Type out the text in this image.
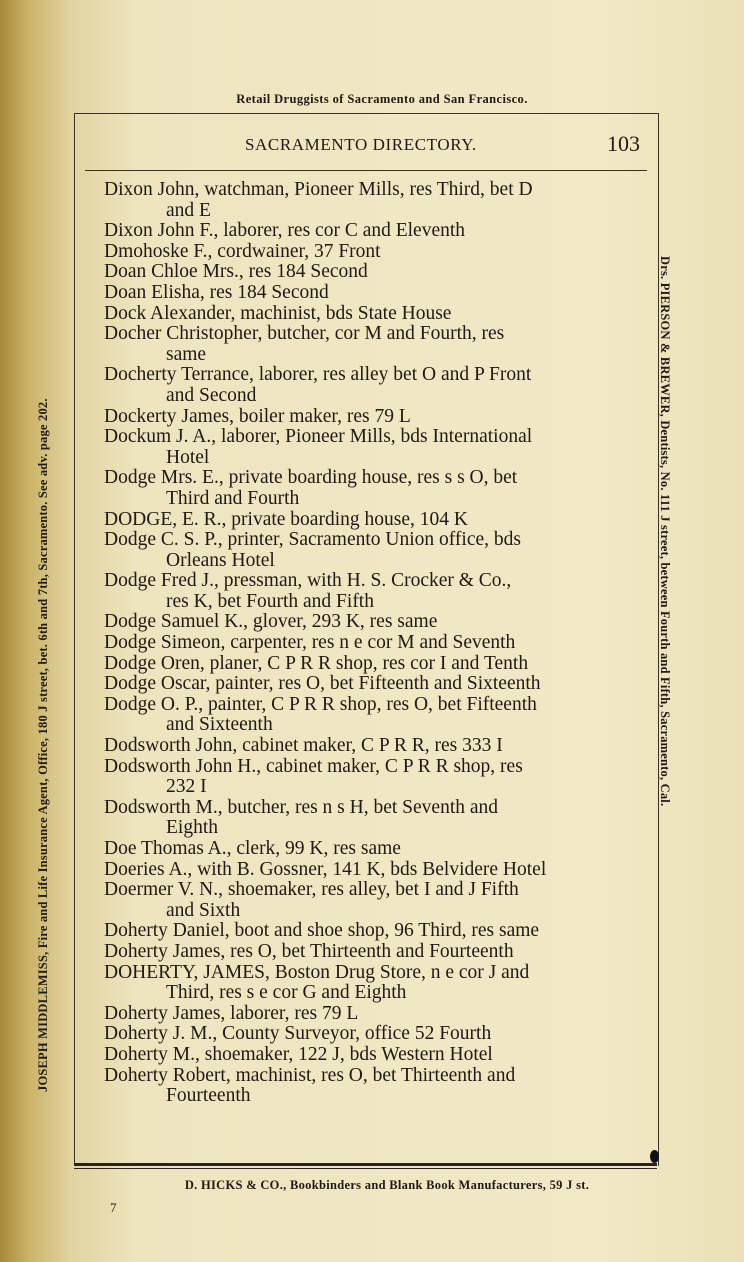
Retail Druggists of Sacramento and San Francisco.
SACRAMENTO DIRECTORY.	103
Dixon John, watchman, Pioneer Mills, res Third, bet D
and E
Dixon John F., laborer, res cor C and Eleventh
Dmohoske F., cordwainer, 37 Front
Doan Chloe Mrs., res 184 Second
Doan Elisha, res 184 Second
Dock Alexander, machinist, bds State House
Docher Christopher, butcher, cor M and Fourth, res
same
Docherty Terrance, laborer, res alley bet O and P Front
and Second
Dockerty James, boiler maker, res 79 L
Dockum J. A., laborer, Pioneer Mills, bds International
Hotel
Dodge Mrs. E., private boarding house, res s s O, bet
Third and Fourth
DODGE, E. R., private boarding house, 104 K
Dodge C. S. P., printer, Sacramento Union office, bds
Orleans Hotel
Dodge Fred J., pressman, with H. S. Crocker & Co.,
res K, bet Fourth and Fifth
Dodge Samuel K., glover, 293 K, res same
Dodge Simeon, carpenter, res n e cor M and Seventh
Dodge Oren, planer, C P R R shop, res cor I and Tenth
Dodge Oscar, painter, res O, bet Fifteenth and Sixteenth
Dodge O. P., painter, C P R R shop, res O, bet Fifteenth
and Sixteenth
Dodsworth John, cabinet maker, C P R R, res 333 I
Dodsworth John H., cabinet maker, C P R R shop, res
232 I
Dodsworth M., butcher, res n s H, bet Seventh and
Eighth
Doe Thomas A., clerk, 99 K, res same
Doeries A., with B. Gossner, 141 K, bds Belvidere Hotel
Doermer V. N., shoemaker, res alley, bet I and J Fifth
and Sixth
Doherty Daniel, boot and shoe shop, 96 Third, res same
Doherty James, res O, bet Thirteenth and Fourteenth
DOHERTY, JAMES, Boston Drug Store, n e cor J and
Third, res s e cor G and Eighth
Doherty James, laborer, res 79 L
Doherty J. M., County Surveyor, office 52 Fourth
Doherty M., shoemaker, 122 J, bds Western Hotel
Doherty Robert, machinist, res O, bet Thirteenth and
Fourteenth
JOSEPH MIDDLEMISS, Fire and Life Insurance Agent, Office, 180 J street, bet. 6th and 7th, Sacramento. See adv. page 202.	Drs. PIERSON & BREWER, Dentists, No. 111 J street, between Fourth and Fifth, Sacramento, Cal.
D. HICKS & CO., Bookbinders and Blank Book Manufacturers, 59 J st.
7
